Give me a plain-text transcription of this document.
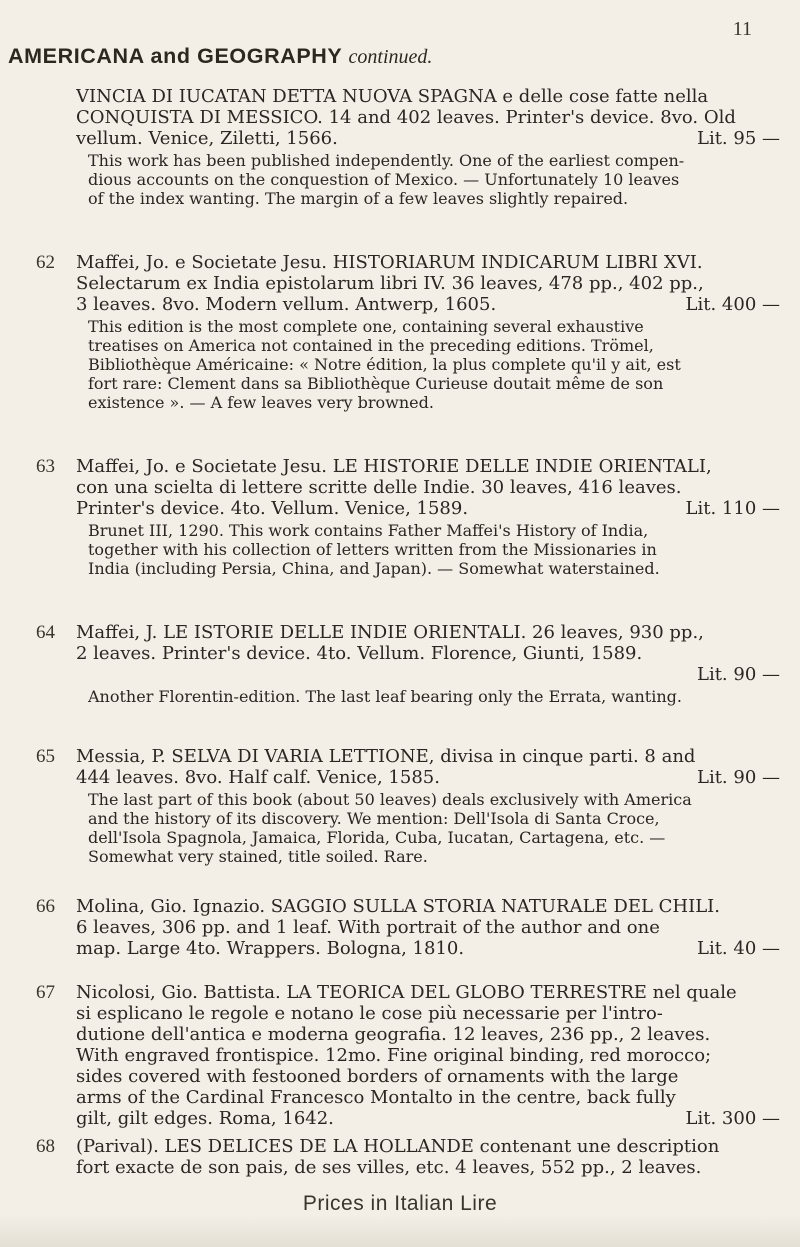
11
AMERICANA and GEOGRAPHY continued.
VINCIA DI IUCATAN DETTA NUOVA SPAGNA e delle cose fatte nella
CONQUISTA DI MESSICO. 14 and 402 leaves. Printer's device. 8vo. Old
vellum. Venice, Ziletti, 1566.	Lit. 95 —
This work has been published independently. One of the earliest compen-
dious accounts on the conquestion of Mexico. — Unfortunately 10 leaves
of the index wanting. The margin of a few leaves slightly repaired.
62 Maffei, Jo. e Societate Jesu. HISTORIARUM INDICARUM LIBRI XVI.
Selectarum ex India epistolarum libri IV. 36 leaves, 478 pp., 402 pp.,
3 leaves. 8vo. Modern vellum. Antwerp, 1605.	Lit. 400 —
This edition is the most complete one, containing several exhaustive
treatises on America not contained in the preceding editions. Trömel,
Bibliothèque Américaine: « Notre édition, la plus complete qu'il y ait, est
fort rare: Clement dans sa Bibliothèque Curieuse doutait même de son
existence ». — A few leaves very browned.
63 Maffei, Jo. e Societate Jesu. LE HISTORIE DELLE INDIE ORIENTALI,
con una scielta di lettere scritte delle Indie. 30 leaves, 416 leaves.
Printer's device. 4to. Vellum. Venice, 1589.	Lit. 110 —
Brunet III, 1290. This work contains Father Maffei's History of India,
together with his collection of letters written from the Missionaries in
India (including Persia, China, and Japan). — Somewhat waterstained.
64 Maffei, J. LE ISTORIE DELLE INDIE ORIENTALI. 26 leaves, 930 pp.,
2 leaves. Printer's device. 4to. Vellum. Florence, Giunti, 1589.
Lit. 90 —
Another Florentin-edition. The last leaf bearing only the Errata, wanting.
65 Messia, P. SELVA DI VARIA LETTIONE, divisa in cinque parti. 8 and
444 leaves. 8vo. Half calf. Venice, 1585.	Lit. 90 —
The last part of this book (about 50 leaves) deals exclusively with America
and the history of its discovery. We mention: Dell'Isola di Santa Croce,
dell'Isola Spagnola, Jamaica, Florida, Cuba, Iucatan, Cartagena, etc. —
Somewhat very stained, title soiled. Rare.
66 Molina, Gio. Ignazio. SAGGIO SULLA STORIA NATURALE DEL CHILI.
6 leaves, 306 pp. and 1 leaf. With portrait of the author and one
map. Large 4to. Wrappers. Bologna, 1810.	Lit. 40 —
67 Nicolosi, Gio. Battista. LA TEORICA DEL GLOBO TERRESTRE nel quale
si esplicano le regole e notano le cose più necessarie per l'intro-
dutione dell'antica e moderna geografia. 12 leaves, 236 pp., 2 leaves.
With engraved frontispice. 12mo. Fine original binding, red morocco;
sides covered with festooned borders of ornaments with the large
arms of the Cardinal Francesco Montalto in the centre, back fully
gilt, gilt edges. Roma, 1642.	Lit. 300 —
68 (Parival). LES DELICES DE LA HOLLANDE contenant une description
fort exacte de son pais, de ses villes, etc. 4 leaves, 552 pp., 2 leaves.
Prices in Italian Lire
